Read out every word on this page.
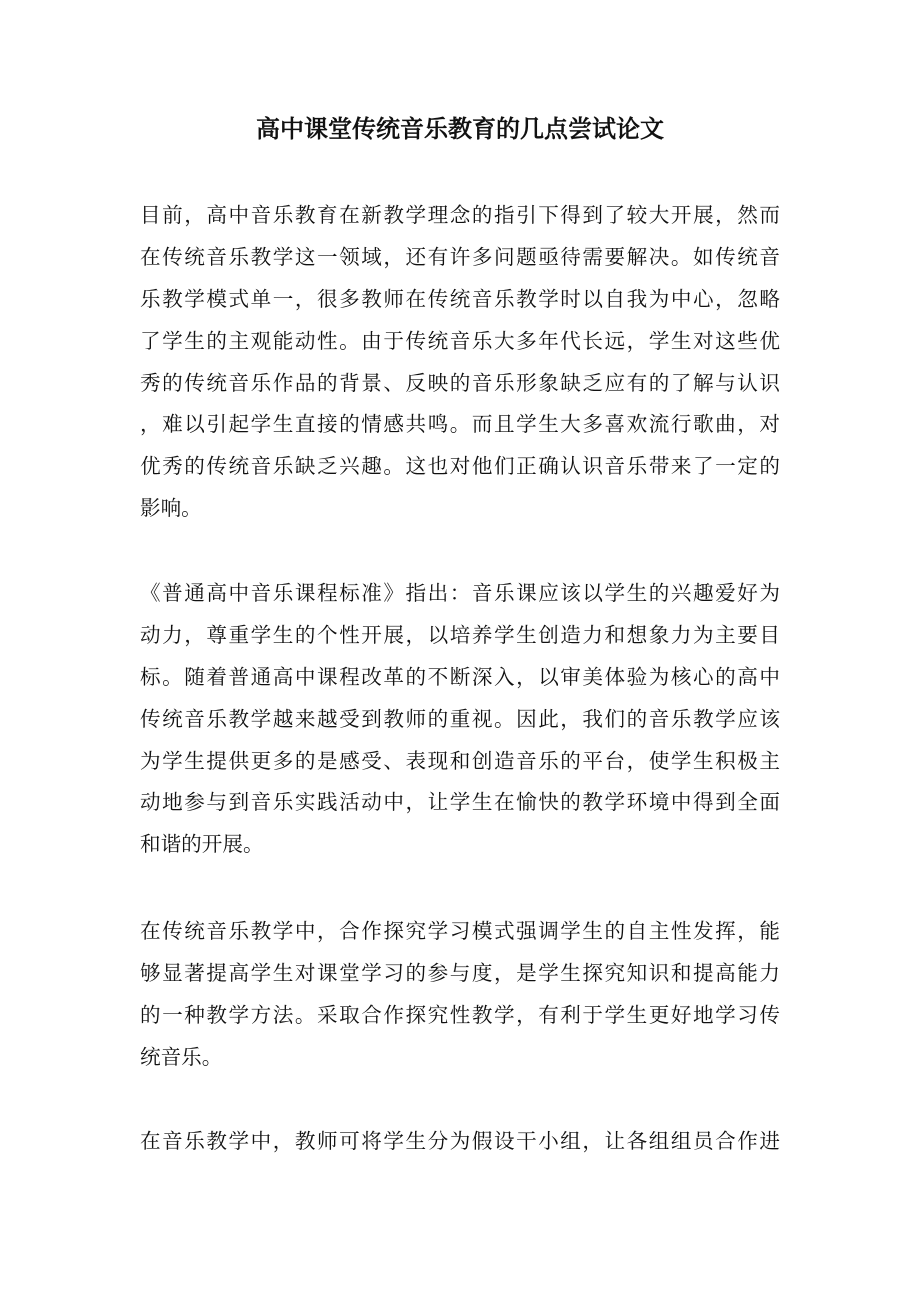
高中课堂传统音乐教育的几点尝试论文
目前，高中音乐教育在新教学理念的指引下得到了较大开展，然而
在传统音乐教学这一领域，还有许多问题亟待需要解决。如传统音
乐教学模式单一，很多教师在传统音乐教学时以自我为中心，忽略
了学生的主观能动性。由于传统音乐大多年代长远，学生对这些优
秀的传统音乐作品的背景、反映的音乐形象缺乏应有的了解与认识
，难以引起学生直接的情感共鸣。而且学生大多喜欢流行歌曲，对
优秀的传统音乐缺乏兴趣。这也对他们正确认识音乐带来了一定的
影响。
《普通高中音乐课程标准》指出：音乐课应该以学生的兴趣爱好为
动力，尊重学生的个性开展，以培养学生创造力和想象力为主要目
标。随着普通高中课程改革的不断深入，以审美体验为核心的高中
传统音乐教学越来越受到教师的重视。因此，我们的音乐教学应该
为学生提供更多的是感受、表现和创造音乐的平台，使学生积极主
动地参与到音乐实践活动中，让学生在愉快的教学环境中得到全面
和谐的开展。
在传统音乐教学中，合作探究学习模式强调学生的自主性发挥，能
够显著提高学生对课堂学习的参与度，是学生探究知识和提高能力
的一种教学方法。采取合作探究性教学，有利于学生更好地学习传
统音乐。
在音乐教学中，教师可将学生分为假设干小组，让各组组员合作进
